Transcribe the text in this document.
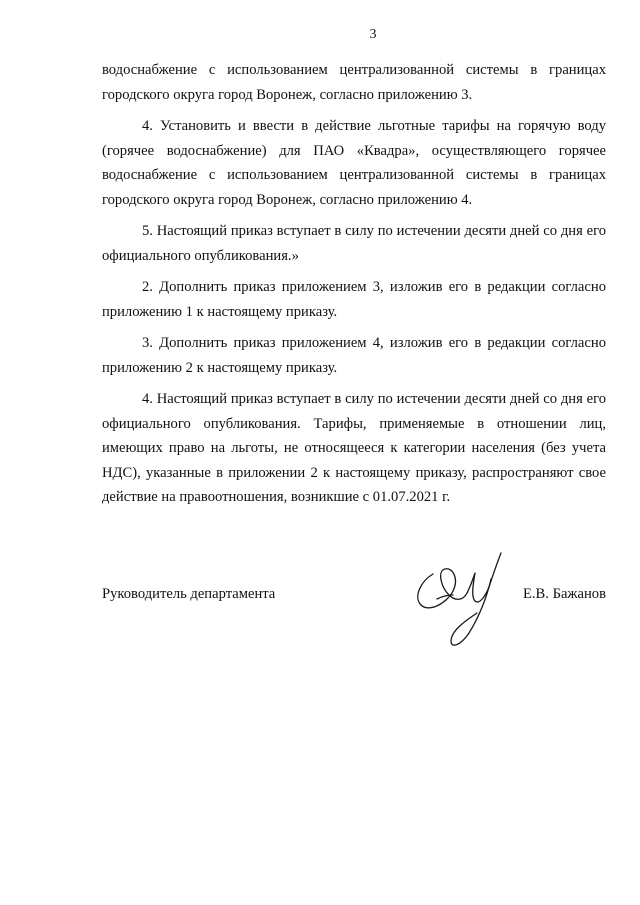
3

водоснабжение с использованием централизованной системы в границах городского округа город Воронеж, согласно приложению 3.

4. Установить и ввести в действие льготные тарифы на горячую воду (горячее водоснабжение) для ПАО «Квадра», осуществляющего горячее водоснабжение с использованием централизованной системы в границах городского округа город Воронеж, согласно приложению 4.

5. Настоящий приказ вступает в силу по истечении десяти дней со дня его официального опубликования.»

2. Дополнить приказ приложением 3, изложив его в редакции согласно приложению 1 к настоящему приказу.

3. Дополнить приказ приложением 4, изложив его в редакции согласно приложению 2 к настоящему приказу.

4. Настоящий приказ вступает в силу по истечении десяти дней со дня его официального опубликования. Тарифы, применяемые в отношении лиц, имеющих право на льготы, не относящееся к категории населения (без учета НДС), указанные в приложении 2 к настоящему приказу, распространяют свое действие на правоотношения, возникшие с 01.07.2021 г.

Руководитель департамента	Е.В. Бажанов
